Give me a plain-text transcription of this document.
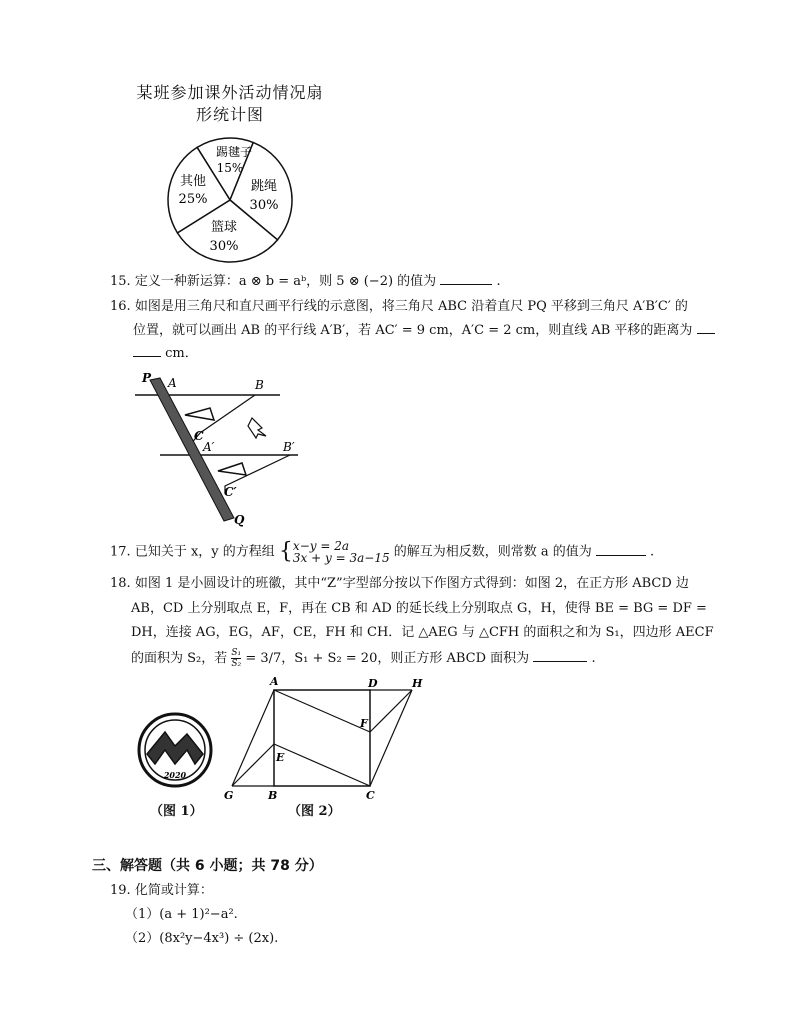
某班参加课外活动情况扇
形统计图
踢毽子
15%
跳绳
30%
篮球
30%
其他
25%
15. 定义一种新运算：a ⊗ b = aᵇ，则 5 ⊗ (−2) 的值为	.
16. 如图是用三角尺和直尺画平行线的示意图，将三角尺 ABC 沿着直尺 PQ 平移到三角尺 A′B′C′ 的
位置，就可以画出 AB 的平行线 A′B′，若 AC′ = 9 cm，A′C = 2 cm，则直线 AB 平移的距离为
cm．
P A	B
C
A′	B′
C′
Q
17. 已知关于 x，y 的方程组 { x−y = 2a
3x + y = 3a−15 的解互为相反数，则常数 a 的值为	.
18. 如图 1 是小圆设计的班徽，其中“Z”字型部分按以下作图方式得到：如图 2，在正方形 ABCD 边
AB，CD 上分别取点 E，F，再在 CB 和 AD 的延长线上分别取点 G，H，使得 BE = BG = DF =
DH，连接 AG，EG，AF，CE，FH 和 CH．记 △AEG 与 △CFH 的面积之和为 S₁，四边形 AECF
的面积为 S₂，若 $\frac{\text{S₁}}{\text{S₂}} = 3/7$，S₁ + S₂ = 20，则正方形 ABCD 面积为	.
2020
（图 1）
A	D	H
F
E
G	B	C
（图 2）
三、解答题（共 6 小题；共 78 分）
19. 化简或计算：
（1）(a + 1)²−a².
（2）(8x²y−4x³) ÷ (2x).
